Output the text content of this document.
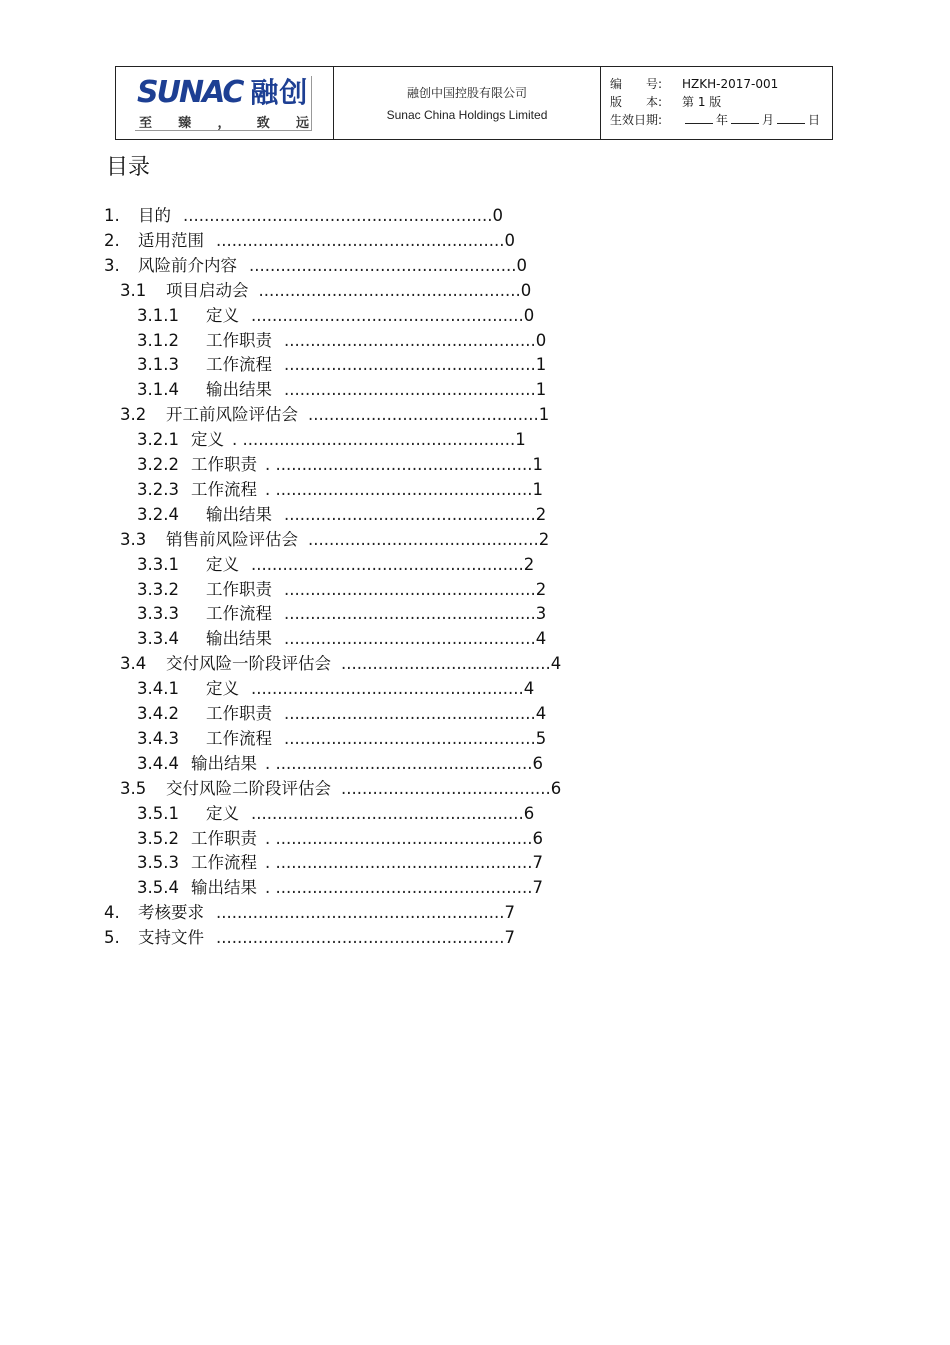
SUNAC 融创
至 臻 ， 致 远
融创中国控股有限公司
Sunac China Holdings Limited
编　　号:	HZKH-2017-001
版　　本:	第 1 版
生效日期:	年	月	日
目录
1.	目的 ........................................................... 0
2.	适用范围 ....................................................... 0
3.	风险前介内容 ................................................... 0
3.1	项目启动会 .................................................. 0
3.1.1 定义 .................................................... 0
3.1.2 工作职责 ................................................ 0
3.1.3 工作流程 ................................................ 1
3.1.4 输出结果 ................................................ 1
3.2	开工前风险评估会 ............................................ 1
3.2.1 定义 . .................................................... 1
3.2.2 工作职责 . ................................................. 1
3.2.3 工作流程 . ................................................. 1
3.2.4 输出结果 ................................................ 2
3.3	销售前风险评估会 ............................................ 2
3.3.1 定义 .................................................... 2
3.3.2 工作职责 ................................................ 2
3.3.3 工作流程 ................................................ 3
3.3.4 输出结果 ................................................ 4
3.4	交付风险一阶段评估会 ........................................ 4
3.4.1 定义 .................................................... 4
3.4.2 工作职责 ................................................ 4
3.4.3 工作流程 ................................................ 5
3.4.4 输出结果 . ................................................. 6
3.5	交付风险二阶段评估会 ........................................ 6
3.5.1 定义 .................................................... 6
3.5.2 工作职责 . ................................................. 6
3.5.3 工作流程 . ................................................. 7
3.5.4 输出结果 . ................................................. 7
4.	考核要求 ....................................................... 7
5.	支持文件 ....................................................... 7
